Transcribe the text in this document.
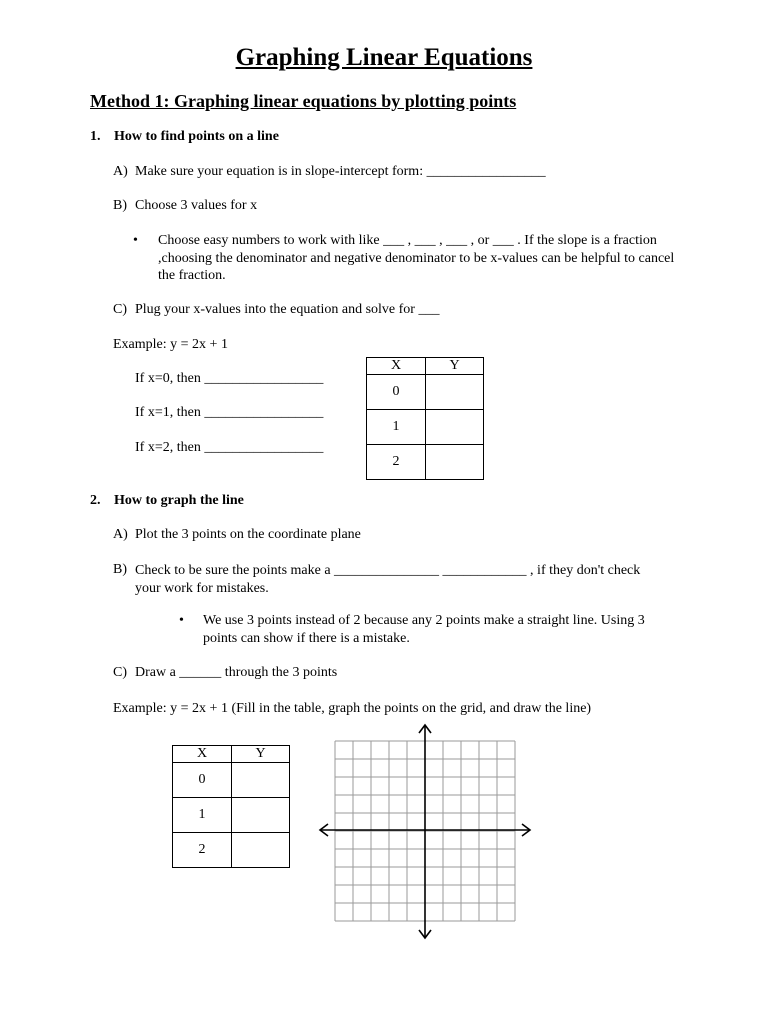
Graphing Linear Equations
Method 1: Graphing linear equations by plotting points
1. How to find points on a line
A) Make sure your equation is in slope-intercept form: _________________
B) Choose 3 values for x
• Choose easy numbers to work with like ___ , ___ , ___ , or ___ . If the slope is a fraction ,choosing the denominator and negative denominator to be x-values can be helpful to cancel the fraction.
C) Plug your x-values into the equation and solve for ___
Example: y = 2x + 1
If x=0, then _________________
If x=1, then _________________
If x=2, then _________________
X	Y
0	
1	
2	
2. How to graph the line
A) Plot the 3 points on the coordinate plane
B) Check to be sure the points make a _______________ ____________ , if they don't check your work for mistakes.
• We use 3 points instead of 2 because any 2 points make a straight line. Using 3 points can show if there is a mistake.
C) Draw a ______ through the 3 points
Example: y = 2x + 1 (Fill in the table, graph the points on the grid, and draw the line)
X	Y
0	
1	
2	
